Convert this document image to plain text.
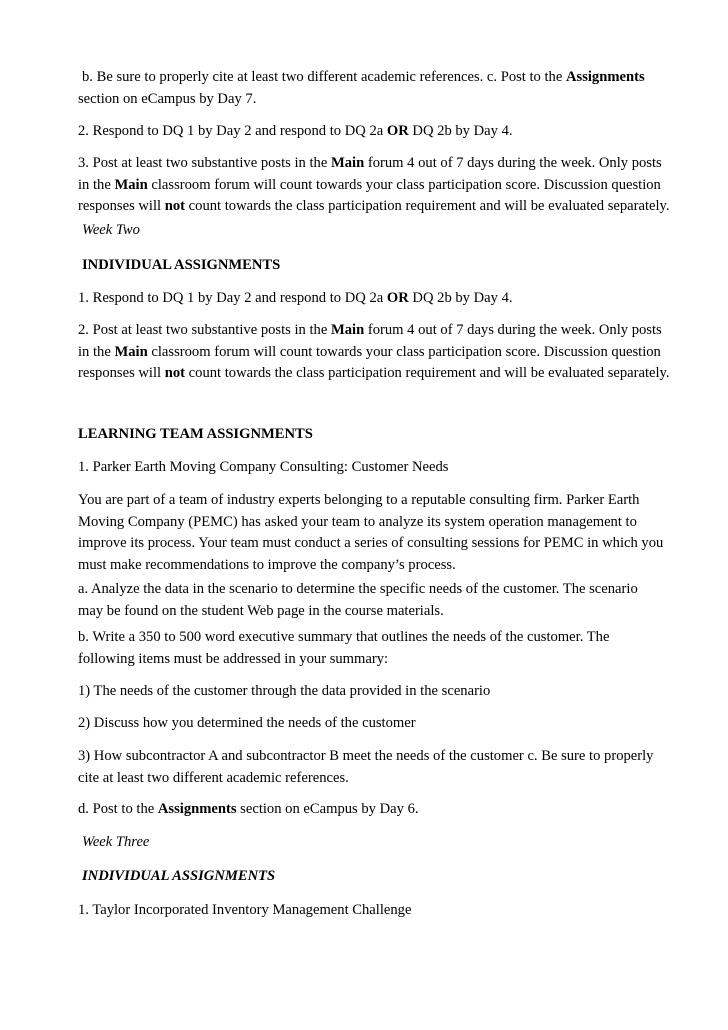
b. Be sure to properly cite at least two different academic references. c. Post to the Assignments
section on eCampus by Day 7.

2. Respond to DQ 1 by Day 2 and respond to DQ 2a OR DQ 2b by Day 4.

3. Post at least two substantive posts in the Main forum 4 out of 7 days during the week. Only posts
in the Main classroom forum will count towards your class participation score. Discussion question
responses will not count towards the class participation requirement and will be evaluated separately.

Week Two

INDIVIDUAL ASSIGNMENTS

1. Respond to DQ 1 by Day 2 and respond to DQ 2a OR DQ 2b by Day 4.

2. Post at least two substantive posts in the Main forum 4 out of 7 days during the week. Only posts
in the Main classroom forum will count towards your class participation score. Discussion question
responses will not count towards the class participation requirement and will be evaluated separately.

LEARNING TEAM ASSIGNMENTS

1. Parker Earth Moving Company Consulting: Customer Needs

You are part of a team of industry experts belonging to a reputable consulting firm. Parker Earth
Moving Company (PEMC) has asked your team to analyze its system operation management to
improve its process. Your team must conduct a series of consulting sessions for PEMC in which you
must make recommendations to improve the company’s process.

a. Analyze the data in the scenario to determine the specific needs of the customer. The scenario
may be found on the student Web page in the course materials.

b. Write a 350 to 500 word executive summary that outlines the needs of the customer. The
following items must be addressed in your summary:

1) The needs of the customer through the data provided in the scenario

2) Discuss how you determined the needs of the customer

3) How subcontractor A and subcontractor B meet the needs of the customer c. Be sure to properly
cite at least two different academic references.

d. Post to the Assignments section on eCampus by Day 6.

Week Three

INDIVIDUAL ASSIGNMENTS

1. Taylor Incorporated Inventory Management Challenge
